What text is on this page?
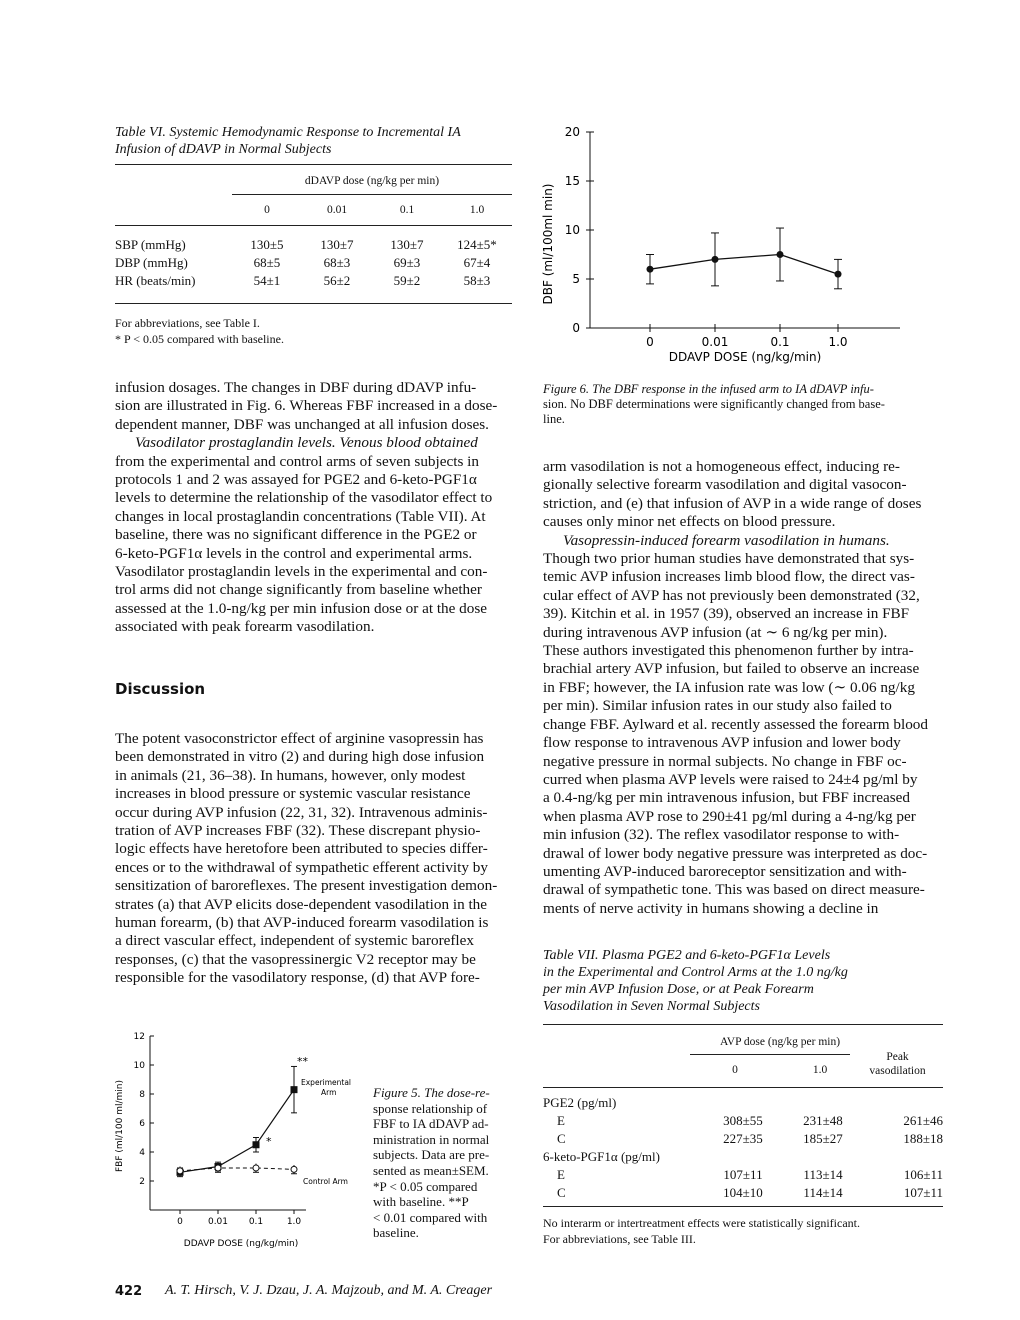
Table VI. Systemic Hemodynamic Response to Incremental IA
Infusion of dDAVP in Normal Subjects
dDAVP dose (ng/kg per min)
0	0.01	0.1	1.0
SBP (mmHg)	130±5	130±7	130±7	124±5*
DBP (mmHg)	68±5	68±3	69±3	67±4
HR (beats/min)	54±1	56±2	59±2	58±3
For abbreviations, see Table I.
* P < 0.05 compared with baseline.
0
5
10
15
20
0	0.01	0.1	1.0
DBF (ml/100ml min)
DDAVP DOSE (ng/kg/min)
Figure 6. The DBF response in the infused arm to IA dDAVP infu-
sion. No DBF determinations were significantly changed from base-
line.
infusion dosages. The changes in DBF during dDAVP infu-
sion are illustrated in Fig. 6. Whereas FBF increased in a dose-
dependent manner, DBF was unchanged at all infusion doses.
Vasodilator prostaglandin levels. Venous blood obtained
from the experimental and control arms of seven subjects in
protocols 1 and 2 was assayed for PGE2 and 6-keto-PGF1α
levels to determine the relationship of the vasodilator effect to
changes in local prostaglandin concentrations (Table VII). At
baseline, there was no significant difference in the PGE2 or
6-keto-PGF1α levels in the control and experimental arms.
Vasodilator prostaglandin levels in the experimental and con-
trol arms did not change significantly from baseline whether
assessed at the 1.0-ng/kg per min infusion dose or at the dose
associated with peak forearm vasodilation.
Discussion
The potent vasoconstrictor effect of arginine vasopressin has
been demonstrated in vitro (2) and during high dose infusion
in animals (21, 36–38). In humans, however, only modest
increases in blood pressure or systemic vascular resistance
occur during AVP infusion (22, 31, 32). Intravenous adminis-
tration of AVP increases FBF (32). These discrepant physio-
logic effects have heretofore been attributed to species differ-
ences or to the withdrawal of sympathetic efferent activity by
sensitization of baroreflexes. The present investigation demon-
strates (a) that AVP elicits dose-dependent vasodilation in the
human forearm, (b) that AVP-induced forearm vasodilation is
a direct vascular effect, independent of systemic baroreflex
responses, (c) that the vasopressinergic V2 receptor may be
responsible for the vasodilatory response, (d) that AVP fore-
arm vasodilation is not a homogeneous effect, inducing re-
gionally selective forearm vasodilation and digital vasocon-
striction, and (e) that infusion of AVP in a wide range of doses
causes only minor net effects on blood pressure.
Vasopressin-induced forearm vasodilation in humans.
Though two prior human studies have demonstrated that sys-
temic AVP infusion increases limb blood flow, the direct vas-
cular effect of AVP has not previously been demonstrated (32,
39). Kitchin et al. in 1957 (39), observed an increase in FBF
during intravenous AVP infusion (at ∼ 6 ng/kg per min).
These authors investigated this phenomenon further by intra-
brachial artery AVP infusion, but failed to observe an increase
in FBF; however, the IA infusion rate was low (∼ 0.06 ng/kg
per min). Similar infusion rates in our study also failed to
change FBF. Aylward et al. recently assessed the forearm blood
flow response to intravenous AVP infusion and lower body
negative pressure in normal subjects. No change in FBF oc-
curred when plasma AVP levels were raised to 24±4 pg/ml by
a 0.4-ng/kg per min intravenous infusion, but FBF increased
when plasma AVP rose to 290±41 pg/ml during a 4-ng/kg per
min infusion (32). The reflex vasodilator response to with-
drawal of lower body negative pressure was interpreted as doc-
umenting AVP-induced baroreceptor sensitization and with-
drawal of sympathetic tone. This was based on direct measure-
ments of nerve activity in humans showing a decline in
Table VII. Plasma PGE2 and 6-keto-PGF1α Levels
in the Experimental and Control Arms at the 1.0 ng/kg
per min AVP Infusion Dose, or at Peak Forearm
Vasodilation in Seven Normal Subjects
AVP dose (ng/kg per min)
Peak
vasodilation
0	1.0
PGE2 (pg/ml)			
E	308±55	231±48	261±46
C	227±35	185±27	188±18
6-keto-PGF1α (pg/ml)			
E	107±11	113±14	106±11
C	104±10	114±14	107±11
No interarm or intertreatment effects were statistically significant.
For abbreviations, see Table III.
2
4
6
8
10
12
0	0.01 0.1	1.0
FBF (ml/100 ml/min)
DDAVP DOSE (ng/kg/min)
Experimental
Arm
Control Arm
**
*
Figure 5. The dose-re-
sponse relationship of
FBF to IA dDAVP ad-
ministration in normal
subjects. Data are pre-
sented as mean±SEM.
*P < 0.05 compared
with baseline. **P
< 0.01 compared with
baseline.
422 A. T. Hirsch, V. J. Dzau, J. A. Majzoub, and M. A. Creager
